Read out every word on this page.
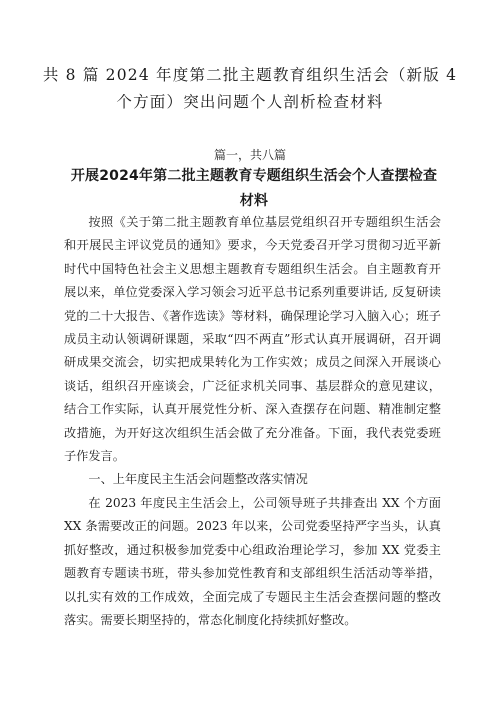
共 8 篇 2024 年度第二批主题教育组织生活会（新版 4 个方面）突出问题个人剖析检查材料

篇一，共八篇

开展2024年第二批主题教育专题组织生活会个人查摆检查材料

按照《关于第二批主题教育单位基层党组织召开专题组织生活会和开展民主评议党员的通知》要求，今天党委召开学习贯彻习近平新时代中国特色社会主义思想主题教育专题组织生活会。自主题教育开展以来，单位党委深入学习领会习近平总书记系列重要讲话, 反复研读党的二十大报告、《著作选读》等材料，确保理论学习入脑入心；班子成员主动认领调研课题，采取“四不两直”形式认真开展调研，召开调研成果交流会，切实把成果转化为工作实效；成员之间深入开展谈心谈话，组织召开座谈会，广泛征求机关同事、基层群众的意见建议，结合工作实际，认真开展党性分析、深入查摆存在问题、精准制定整改措施，为开好这次组织生活会做了充分准备。下面，我代表党委班子作发言。

一、上年度民主生活会问题整改落实情况

在 2023 年度民主生活会上，公司领导班子共排查出 XX 个方面 XX 条需要改正的问题。2023 年以来，公司党委坚持严字当头，认真抓好整改，通过积极参加党委中心组政治理论学习，参加 XX 党委主题教育专题读书班，带头参加党性教育和支部组织生活活动等举措，以扎实有效的工作成效，全面完成了专题民主生活会查摆问题的整改落实。需要长期坚持的，常态化制度化持续抓好整改。
